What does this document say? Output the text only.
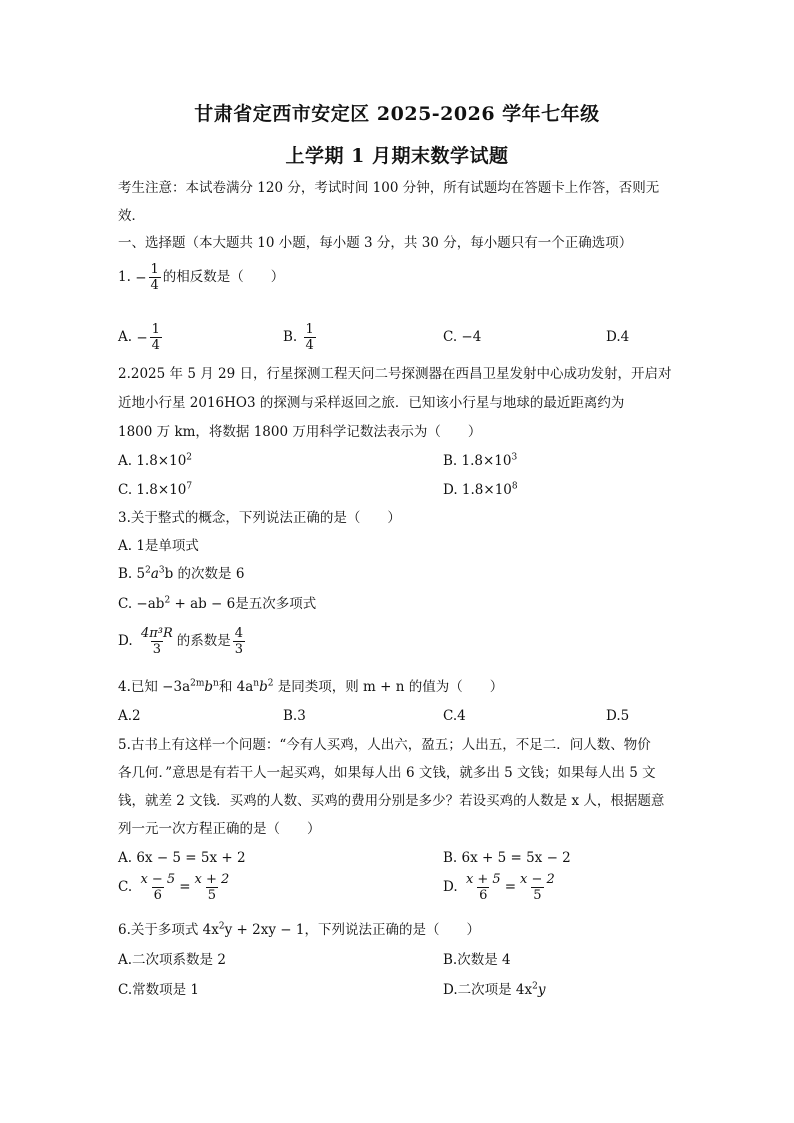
甘肃省定西市安定区 2025-2026 学年七年级
上学期 1 月期末数学试题
考生注意：本试卷满分 120 分，考试时间 100 分钟，所有试题均在答题卡上作答，否则无
效．
一、选择题（本大题共 10 小题，每小题 3 分，共 30 分，每小题只有一个正确选项）
1. − $\frac{1}{4}$ 的相反数是（　　）
A. − $\frac{1}{4}$	B. $\frac{1}{4}$	C. −4	D.4
2.2025 年 5 月 29 日，行星探测工程天问二号探测器在西昌卫星发射中心成功发射，开启对
近地小行星 2016HO3 的探测与采样返回之旅．已知该小行星与地球的最近距离约为
1800 万 km，将数据 1800 万用科学记数法表示为（　　）
A. $1.8\times 10^2$	B. $1.8\times 10^3$
C. $1.8\times 10^7$	D. $1.8\times 10^8$
3.关于整式的概念，下列说法正确的是（　　）
A. 1是单项式
B. $5^2a^3b$ 的次数是 6
C. $-ab^2$ + ab − 6是五次多项式
D. $\frac{\text{4π³R}}{3}$ 的系数是 $\frac{4}{3}$
4.已知 $-3a^{2m}b^n$和 $4a^nb^2$ 是同类项，则 m + n 的值为（　　）
A.2	B.3	C.4	D.5
5.古书上有这样一个问题：“今有人买鸡，人出六，盈五；人出五，不足二．问人数、物价
各几何．”意思是有若干人一起买鸡，如果每人出 6 文钱，就多出 5 文钱；如果每人出 5 文
钱，就差 2 文钱．买鸡的人数、买鸡的费用分别是多少？若设买鸡的人数是 x 人，根据题意
列一元一次方程正确的是（　　）
A. 6x − 5 = 5x + 2	B. 6x + 5 = 5x − 2
C. $\frac{x - 5}{6} = \frac{x + 2}{5}$	D. $\frac{x + 5}{6} = \frac{x - 2}{5}$
6.关于多项式 $4x^2y + 2xy - 1$，下列说法正确的是（　　）
A.二次项系数是 2	B.次数是 4
C.常数项是 1	D.二次项是 $4x^2y$
